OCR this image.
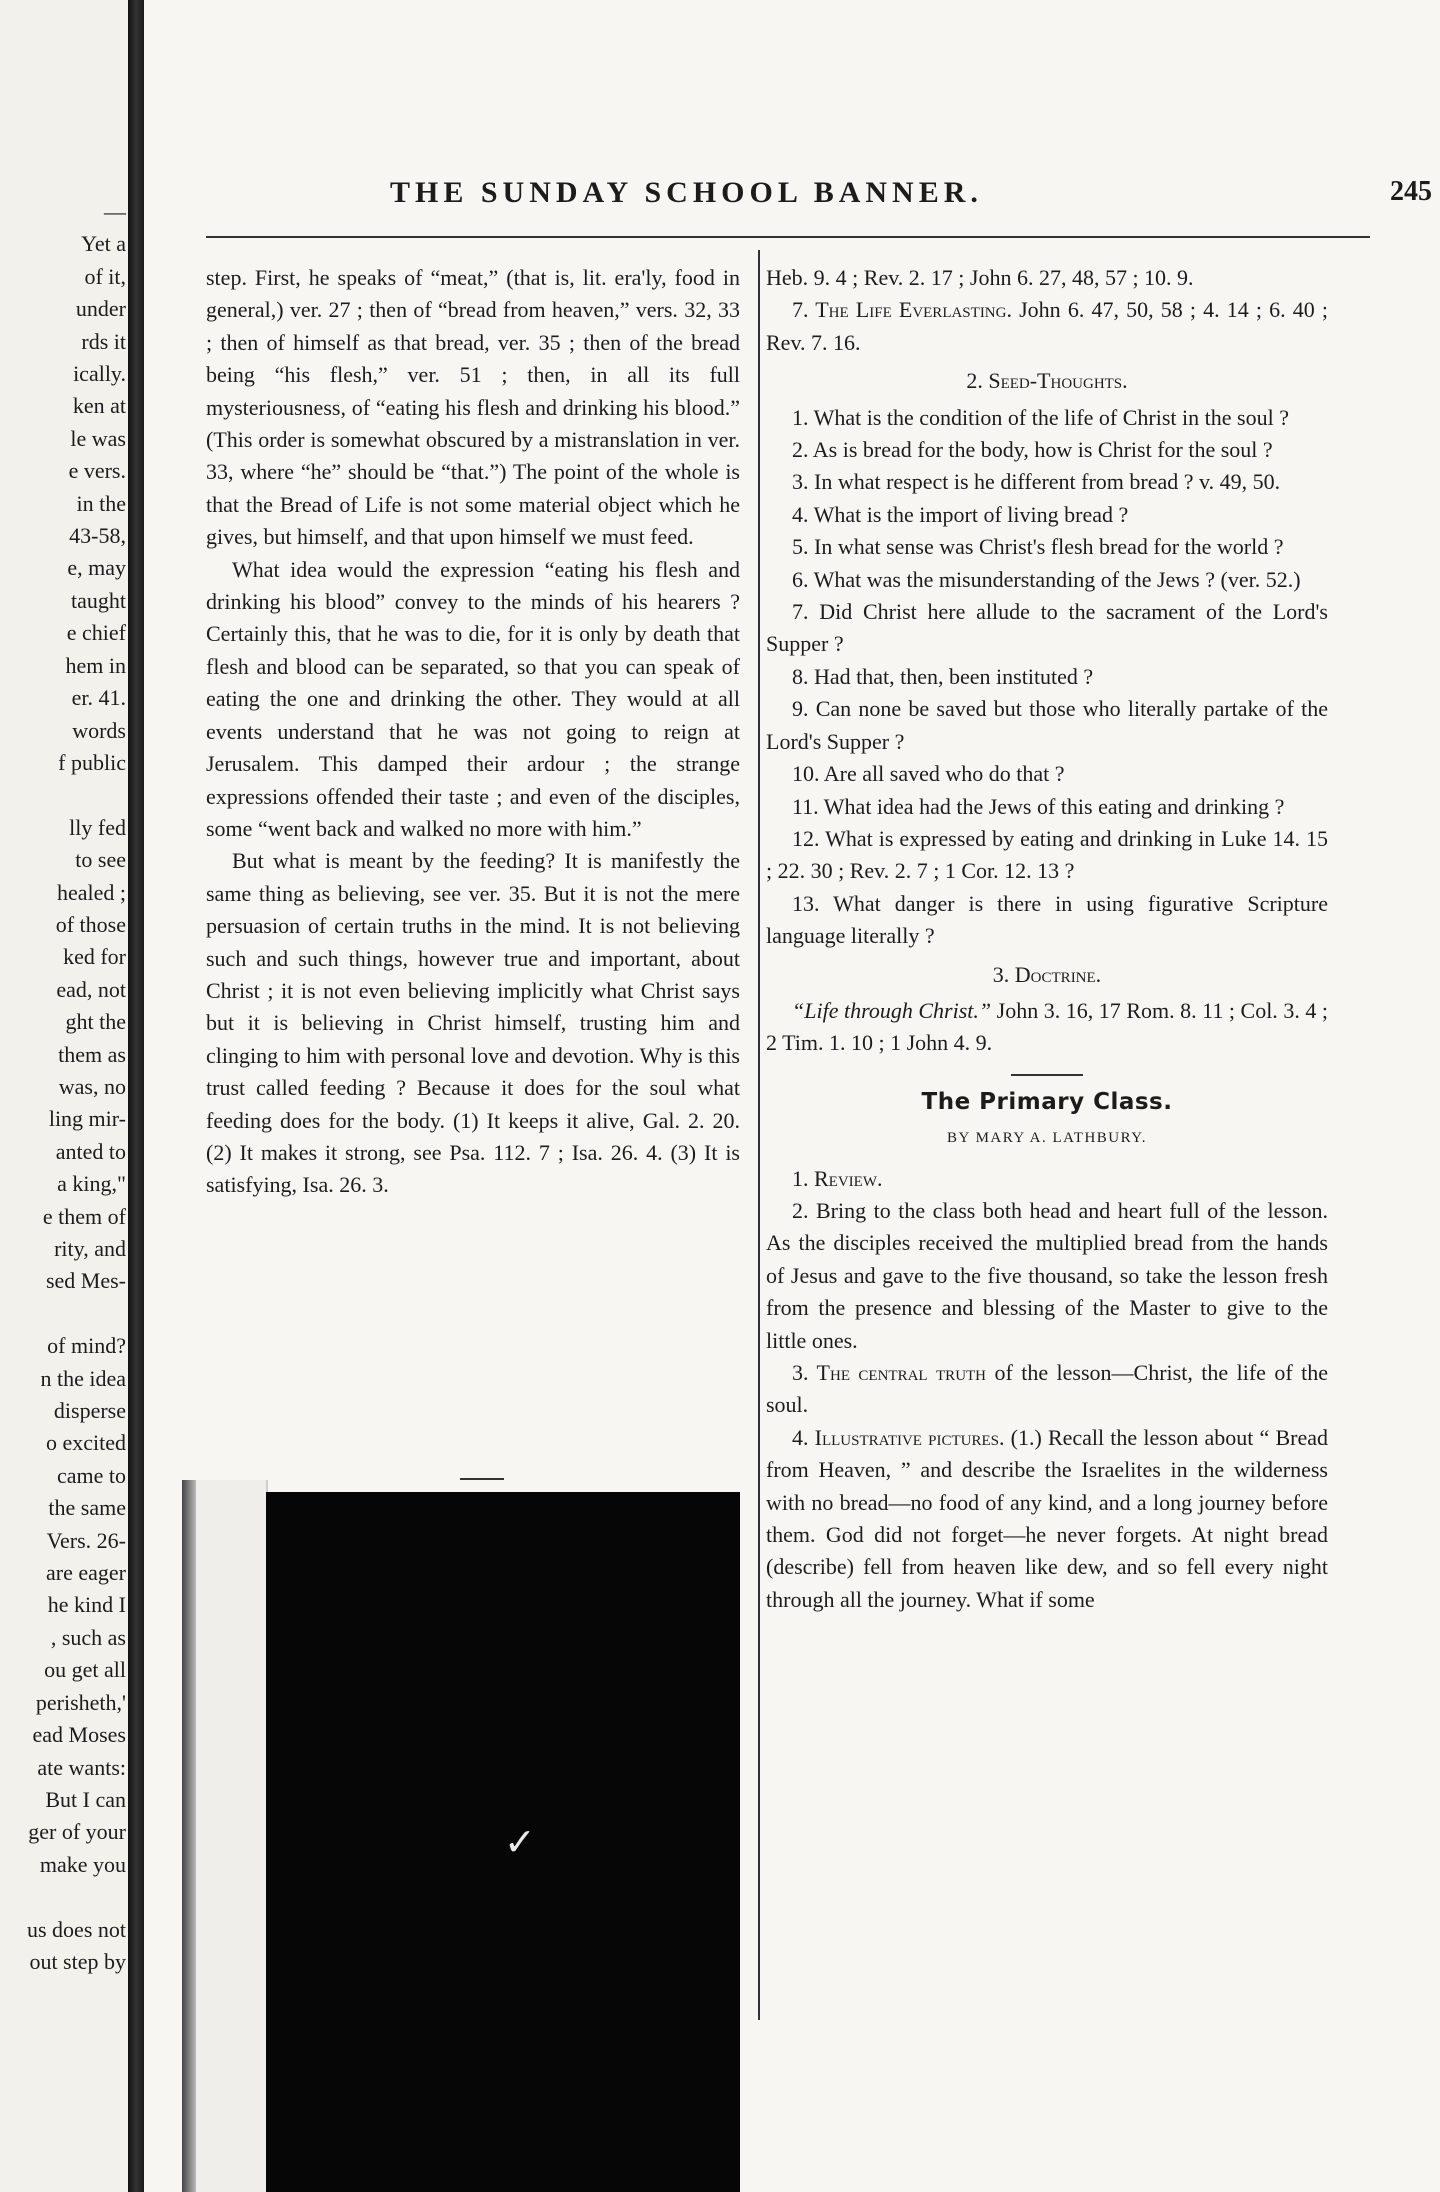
—
Yet a
of it,
under
rds it
ically.
ken at
le was
e vers.
in the
43-58,
e, may
taught
e chief
hem in
er. 41.
words
f public

lly fed
to see
healed ;
of those
ked for
ead, not
ght the
them as
was, no
ling mir-
anted to
a king,"
e them of
rity, and
sed Mes-

of mind?
n the idea
disperse
o excited
came to
the same
Vers. 26-
are eager
he kind I
, such as
ou get all
perisheth,'
ead Moses
ate wants:
But I can
ger of your
make you

us does not
out step by
THE SUNDAY SCHOOL BANNER.	245

step. First, he speaks of “meat,” (that is, lit. era'ly, food in general,) ver. 27 ; then of “bread from heaven,” vers. 32, 33 ; then of himself as that bread, ver. 35 ; then of the bread being “his flesh,” ver. 51 ; then, in all its full mysteriousness, of “eating his flesh and drinking his blood.” (This order is somewhat obscured by a mistranslation in ver. 33, where “he” should be “that.”) The point of the whole is that the Bread of Life is not some material object which he gives, but himself, and that upon himself we must feed.

What idea would the expression “eating his flesh and drinking his blood” convey to the minds of his hearers ? Certainly this, that he was to die, for it is only by death that flesh and blood can be separated, so that you can speak of eating the one and drinking the other. They would at all events understand that he was not going to reign at Jerusalem. This damped their ardour ; the strange expressions offended their taste ; and even of the disciples, some “went back and walked no more with him.”

But what is meant by the feeding? It is manifestly the same thing as believing, see ver. 35. But it is not the mere persuasion of certain truths in the mind. It is not believing such and such things, however true and important, about Christ ; it is not even believing implicitly what Christ says but it is believing in Christ himself, trusting him and clinging to him with personal love and devotion. Why is this trust called feeding ? Because it does for the soul what feeding does for the body. (1) It keeps it alive, Gal. 2. 20. (2) It makes it strong, see Psa. 112. 7 ; Isa. 26. 4. (3) It is satisfying, Isa. 26. 3.

✓

Heb. 9. 4 ; Rev. 2. 17 ; John 6. 27, 48, 57 ; 10. 9.

7. The Life Everlasting. John 6. 47, 50, 58 ; 4. 14 ; 6. 40 ; Rev. 7. 16.

2. Seed-Thoughts.

1. What is the condition of the life of Christ in the soul ?

2. As is bread for the body, how is Christ for the soul ?

3. In what respect is he different from bread ? v. 49, 50.

4. What is the import of living bread ?

5. In what sense was Christ's flesh bread for the world ?

6. What was the misunderstanding of the Jews ? (ver. 52.)

7. Did Christ here allude to the sacrament of the Lord's Supper ?

8. Had that, then, been instituted ?

9. Can none be saved but those who literally partake of the Lord's Supper ?

10. Are all saved who do that ?

11. What idea had the Jews of this eating and drinking ?

12. What is expressed by eating and drinking in Luke 14. 15 ; 22. 30 ; Rev. 2. 7 ; 1 Cor. 12. 13 ?

13. What danger is there in using figurative Scripture language literally ?

3. Doctrine.

“Life through Christ.” John 3. 16, 17 Rom. 8. 11 ; Col. 3. 4 ; 2 Tim. 1. 10 ; 1 John 4. 9.

The Primary Class.
BY MARY A. LATHBURY.

1. Review.

2. Bring to the class both head and heart full of the lesson. As the disciples received the multiplied bread from the hands of Jesus and gave to the five thousand, so take the lesson fresh from the presence and blessing of the Master to give to the little ones.

3. The central truth of the lesson—Christ, the life of the soul.

4. Illustrative pictures. (1.) Recall the lesson about “ Bread from Heaven, ” and describe the Israelites in the wilderness with no bread—no food of any kind, and a long journey before them. God did not forget—he never forgets. At night bread (describe) fell from heaven like dew, and so fell every night through all the journey. What if some
